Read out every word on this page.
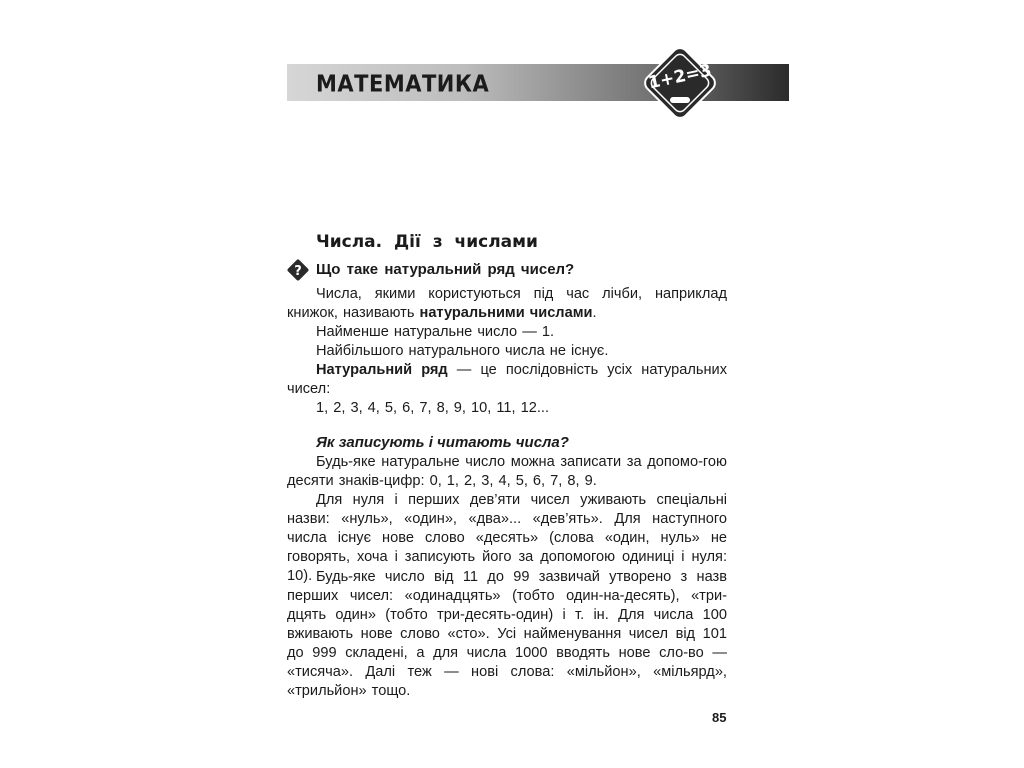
МАТЕМАТИКА	1+2=3
Числа. Дії з числами
? Що таке натуральний ряд чисел?
Числа, якими користуються під час лічби, наприклад книжок, називають натуральними числами.
Найменше натуральне число — 1.
Найбільшого натурального числа не існує.
Натуральний ряд — це послідовність усіх натуральних чисел:
1, 2, 3, 4, 5, 6, 7, 8, 9, 10, 11, 12...
Як записують і читають числа?
Будь-яке натуральне число можна записати за допомо-гою десяти знаків-цифр: 0, 1, 2, 3, 4, 5, 6, 7, 8, 9.
Для нуля і перших дев’яти чисел уживають спеціальні назви: «нуль», «один», «два»... «дев’ять». Для наступного числа існує нове слово «десять» (слова «один, нуль» не говорять, хоча і записують його за допомогою одиниці і нуля: 10). Будь-яке число від 11 до 99 зазвичай утворено з назв перших чисел: «одинадцять» (тобто один-на-десять), «три-дцять один» (тобто три-десять-один) і т. ін. Для числа 100 вживають нове слово «сто». Усі найменування чисел від 101 до 999 складені, а для числа 1000 вводять нове сло-во — «тисяча». Далі теж — нові слова: «мільйон», «мільярд», «трильйон» тощо.
85
